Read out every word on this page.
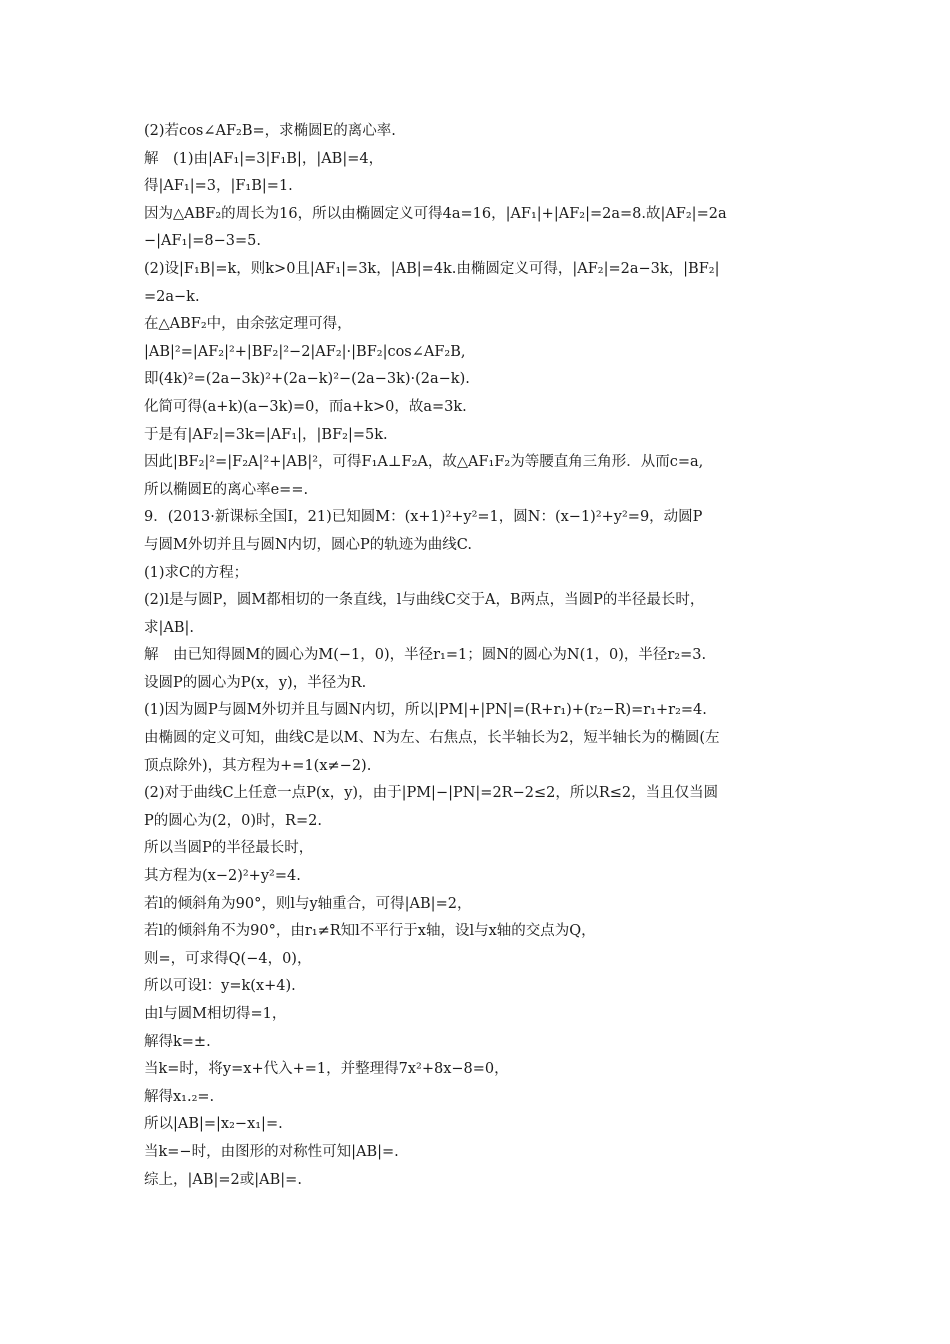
(2)若cos∠AF₂B=，求椭圆E的离心率.
解　(1)由|AF₁|=3|F₁B|，|AB|=4，
得|AF₁|=3，|F₁B|=1.
因为△ABF₂的周长为16，所以由椭圆定义可得4a=16，|AF₁|+|AF₂|=2a=8.故|AF₂|=2a
−|AF₁|=8−3=5.
(2)设|F₁B|=k，则k>0且|AF₁|=3k，|AB|=4k.由椭圆定义可得，|AF₂|=2a−3k，|BF₂|
=2a−k.
在△ABF₂中，由余弦定理可得，
|AB|²=|AF₂|²+|BF₂|²−2|AF₂|·|BF₂|cos∠AF₂B,
即(4k)²=(2a−3k)²+(2a−k)²−(2a−3k)·(2a−k).
化简可得(a+k)(a−3k)=0，而a+k>0，故a=3k.
于是有|AF₂|=3k=|AF₁|，|BF₂|=5k.
因此|BF₂|²=|F₂A|²+|AB|²，可得F₁A⊥F₂A，故△AF₁F₂为等腰直角三角形．从而c=a,
所以椭圆E的离心率e==.
9．(2013·新课标全国Ⅰ，21)已知圆M：(x+1)²+y²=1，圆N：(x−1)²+y²=9，动圆P
与圆M外切并且与圆N内切，圆心P的轨迹为曲线C.
(1)求C的方程；
(2)l是与圆P，圆M都相切的一条直线，l与曲线C交于A，B两点，当圆P的半径最长时，
求|AB|.
解　由已知得圆M的圆心为M(−1，0)，半径r₁=1；圆N的圆心为N(1，0)，半径r₂=3.
设圆P的圆心为P(x，y)，半径为R.
(1)因为圆P与圆M外切并且与圆N内切，所以|PM|+|PN|=(R+r₁)+(r₂−R)=r₁+r₂=4.
由椭圆的定义可知，曲线C是以M、N为左、右焦点，长半轴长为2，短半轴长为的椭圆(左
顶点除外)，其方程为+=1(x≠−2).
(2)对于曲线C上任意一点P(x，y)，由于|PM|−|PN|=2R−2≤2，所以R≤2，当且仅当圆
P的圆心为(2，0)时，R=2.
所以当圆P的半径最长时，
其方程为(x−2)²+y²=4.
若l的倾斜角为90°，则l与y轴重合，可得|AB|=2，
若l的倾斜角不为90°，由r₁≠R知l不平行于x轴，设l与x轴的交点为Q，
则=，可求得Q(−4，0)，
所以可设l：y=k(x+4).
由l与圆M相切得=1，
解得k=±.
当k=时，将y=x+代入+=1，并整理得7x²+8x−8=0，
解得x₁.₂=.
所以|AB|=|x₂−x₁|=.
当k=−时，由图形的对称性可知|AB|=.
综上，|AB|=2或|AB|=.
